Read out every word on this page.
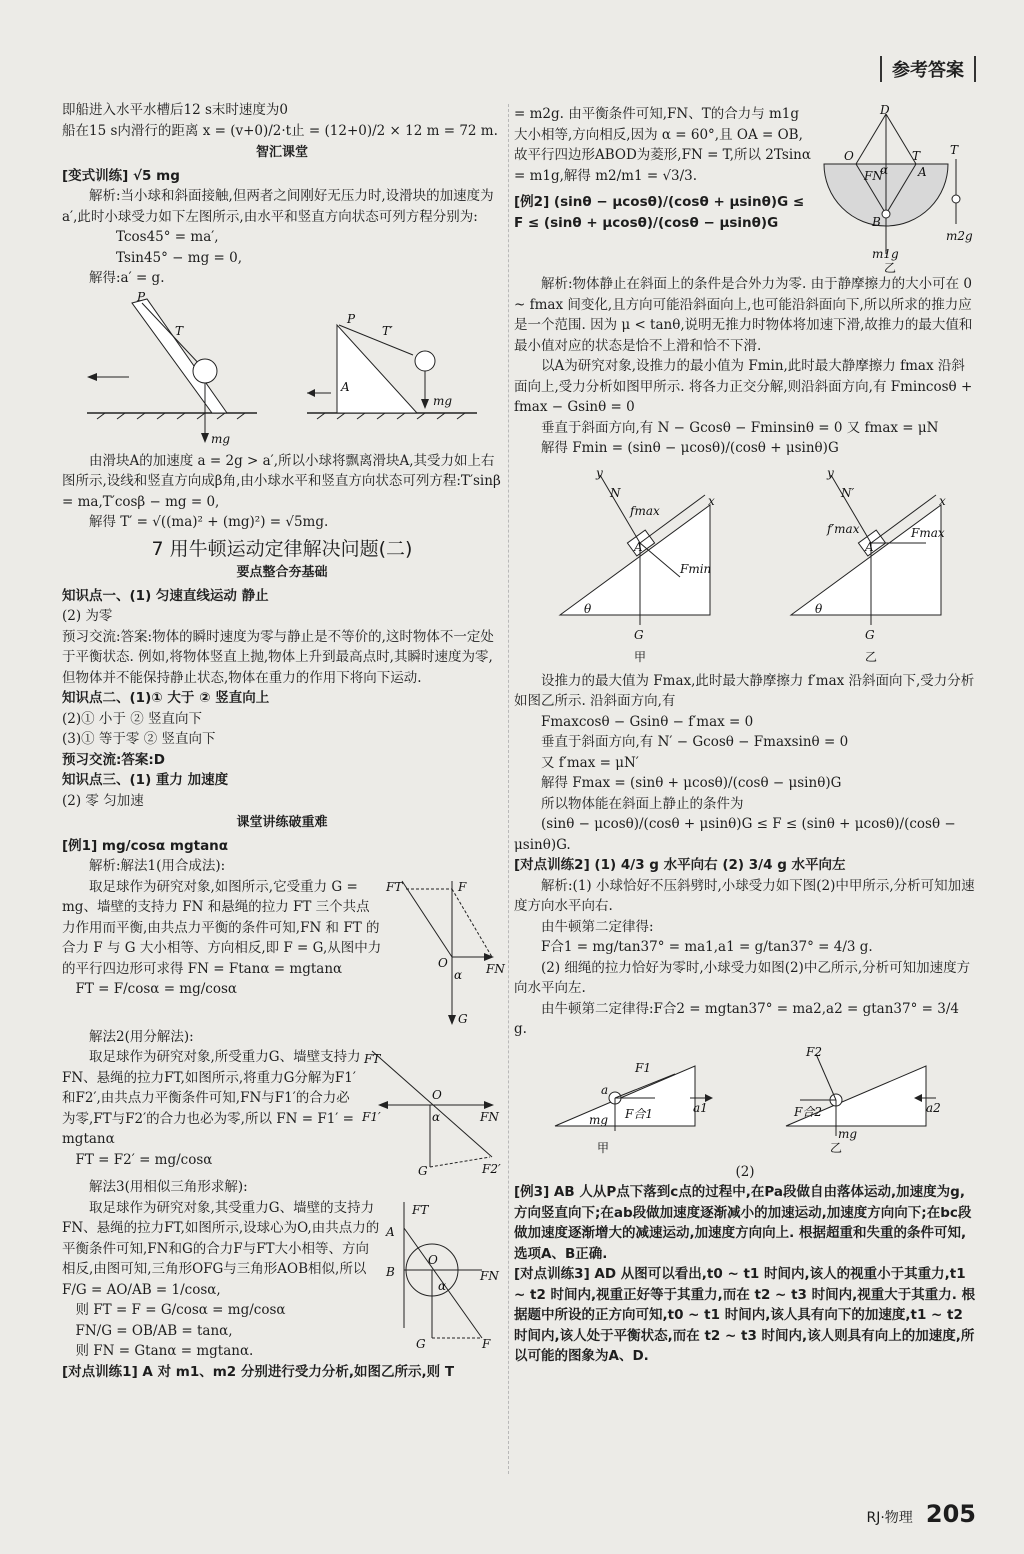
参考答案

即船进入水平水槽后12 s末时速度为0

船在15 s内滑行的距离 x = (v+0)/2·t止 = (12+0)/2 × 12 m = 72 m.

智汇课堂

[变式训练] √5 mg

解析:当小球和斜面接触,但两者之间刚好无压力时,设滑块的加速度为a′,此时小球受力如下左图所示,由水平和竖直方向状态可列方程分别为:

Tcos45° = ma′,

Tsin45° − mg = 0,

解得:a′ = g.

P
T
mg
P
T′
A
mg

由滑块A的加速度 a = 2g > a′,所以小球将飘离滑块A,其受力如上右图所示,设线和竖直方向成β角,由小球水平和竖直方向状态可列方程:T′sinβ = ma,T′cosβ − mg = 0,

解得 T′ = √((ma)² + (mg)²) = √5mg.

7 用牛顿运动定律解决问题(二)

要点整合夯基础

知识点一、(1) 匀速直线运动 静止

(2) 为零

预习交流:答案:物体的瞬时速度为零与静止是不等价的,这时物体不一定处于平衡状态. 例如,将物体竖直上抛,物体上升到最高点时,其瞬时速度为零,但物体并不能保持静止状态,物体在重力的作用下将向下运动.

知识点二、(1)① 大于 ② 竖直向上

(2)① 小于 ② 竖直向下

(3)① 等于零 ② 竖直向下

预习交流:答案:D

知识点三、(1) 重力 加速度

(2) 零 匀加速

课堂讲练破重难

[例1] mg/cosα mgtanα

解析:解法1(用合成法):

取足球作为研究对象,如图所示,它受重力 G = mg、墙壁的支持力 FN 和悬绳的拉力 FT 三个共点力作用而平衡,由共点力平衡的条件可知,FN 和 FT 的合力 F 与 G 大小相等、方向相反,即 F = G,从图中力的平行四边形可求得 FN = Ftanα = mgtanα

FT = F/cosα = mg/cosα

FT	F
O	FN
α
G

解法2(用分解法):

取足球作为研究对象,所受重力G、墙壁支持力FN、悬绳的拉力FT,如图所示,将重力G分解为F1′和F2′,由共点力平衡条件可知,FN与F1′的合力必为零,FT与F2′的合力也必为零,所以 FN = F1′ = mgtanα

FT = F2′ = mg/cosα

FT
F1′
O
FN
α
G	F2′

解法3(用相似三角形求解):

取足球作为研究对象,其受重力G、墙壁的支持力FN、悬绳的拉力FT,如图所示,设球心为O,由共点力的平衡条件可知,FN和G的合力F与FT大小相等、方向相反,由图可知,三角形OFG与三角形AOB相似,所以 F/G = AO/AB = 1/cosα,

则 FT = F = G/cosα = mg/cosα

FN/G = OB/AB = tanα,

则 FN = Gtanα = mgtanα.

A
FT
O
B	FN
α
G	F

[对点训练1] A 对 m1、m2 分别进行受力分析,如图乙所示,则 T

= m2g. 由平衡条件可知,FN、T的合力与 m1g 大小相等,方向相反,因为 α = 60°,且 OA = OB,故平行四边形ABOD为菱形,FN = T,所以 2Tsinα = m1g,解得 m2/m1 = √3/3.

[例2] (sinθ − μcosθ)/(cosθ + μsinθ)G ≤ F ≤ (sinθ + μcosθ)/(cosθ − μsinθ)G

D
O	T
FN
α A
B
m1g
乙
T
m2g

解析:物体静止在斜面上的条件是合外力为零. 由于静摩擦力的大小可在 0 ~ fmax 间变化,且方向可能沿斜面向上,也可能沿斜面向下,所以所求的推力应是一个范围. 因为 μ < tanθ,说明无推力时物体将加速下滑,故推力的最大值和最小值对应的状态是恰不上滑和恰不下滑.

以A为研究对象,设推力的最小值为 Fmin,此时最大静摩擦力 fmax 沿斜面向上,受力分析如图甲所示. 将各力正交分解,则沿斜面方向,有 Fmincosθ + fmax − Gsinθ = 0

垂直于斜面方向,有 N − Gcosθ − Fminsinθ = 0 又 fmax = μN

解得 Fmin = (sinθ − μcosθ)/(cosθ + μsinθ)G

y
N
fmax
x
A
Fmin
θ
G
甲
y
N′
f′max
x
A
Fmax
θ
G
乙

设推力的最大值为 Fmax,此时最大静摩擦力 f′max 沿斜面向下,受力分析如图乙所示. 沿斜面方向,有

Fmaxcosθ − Gsinθ − f′max = 0

垂直于斜面方向,有 N′ − Gcosθ − Fmaxsinθ = 0

又 f′max = μN′

解得 Fmax = (sinθ + μcosθ)/(cosθ − μsinθ)G

所以物体能在斜面上静止的条件为

(sinθ − μcosθ)/(cosθ + μsinθ)G ≤ F ≤ (sinθ + μcosθ)/(cosθ − μsinθ)G.

[对点训练2] (1) 4/3 g 水平向右 (2) 3/4 g 水平向左

解析:(1) 小球恰好不压斜劈时,小球受力如下图(2)中甲所示,分析可知加速度方向水平向右.

由牛顿第二定律得:

F合1 = mg/tan37° = ma1,a1 = g/tan37° = 4/3 g.

(2) 细绳的拉力恰好为零时,小球受力如图(2)中乙所示,分析可知加速度方向水平向左.

由牛顿第二定律得:F合2 = mgtan37° = ma2,a2 = gtan37° = 3/4 g.

F1
a
a1
mg F合1
甲
F2
F合2	a2
mg
乙

(2)

[例3] AB 人从P点下落到c点的过程中,在Pa段做自由落体运动,加速度为g,方向竖直向下;在ab段做加速度逐渐减小的加速运动,加速度方向向下;在bc段做加速度逐渐增大的减速运动,加速度方向向上. 根据超重和失重的条件可知,选项A、B正确.

[对点训练3] AD 从图可以看出,t0 ~ t1 时间内,该人的视重小于其重力,t1 ~ t2 时间内,视重正好等于其重力,而在 t2 ~ t3 时间内,视重大于其重力. 根据题中所设的正方向可知,t0 ~ t1 时间内,该人具有向下的加速度,t1 ~ t2 时间内,该人处于平衡状态,而在 t2 ~ t3 时间内,该人则具有向上的加速度,所以可能的图象为A、D.

RJ·物理 205
